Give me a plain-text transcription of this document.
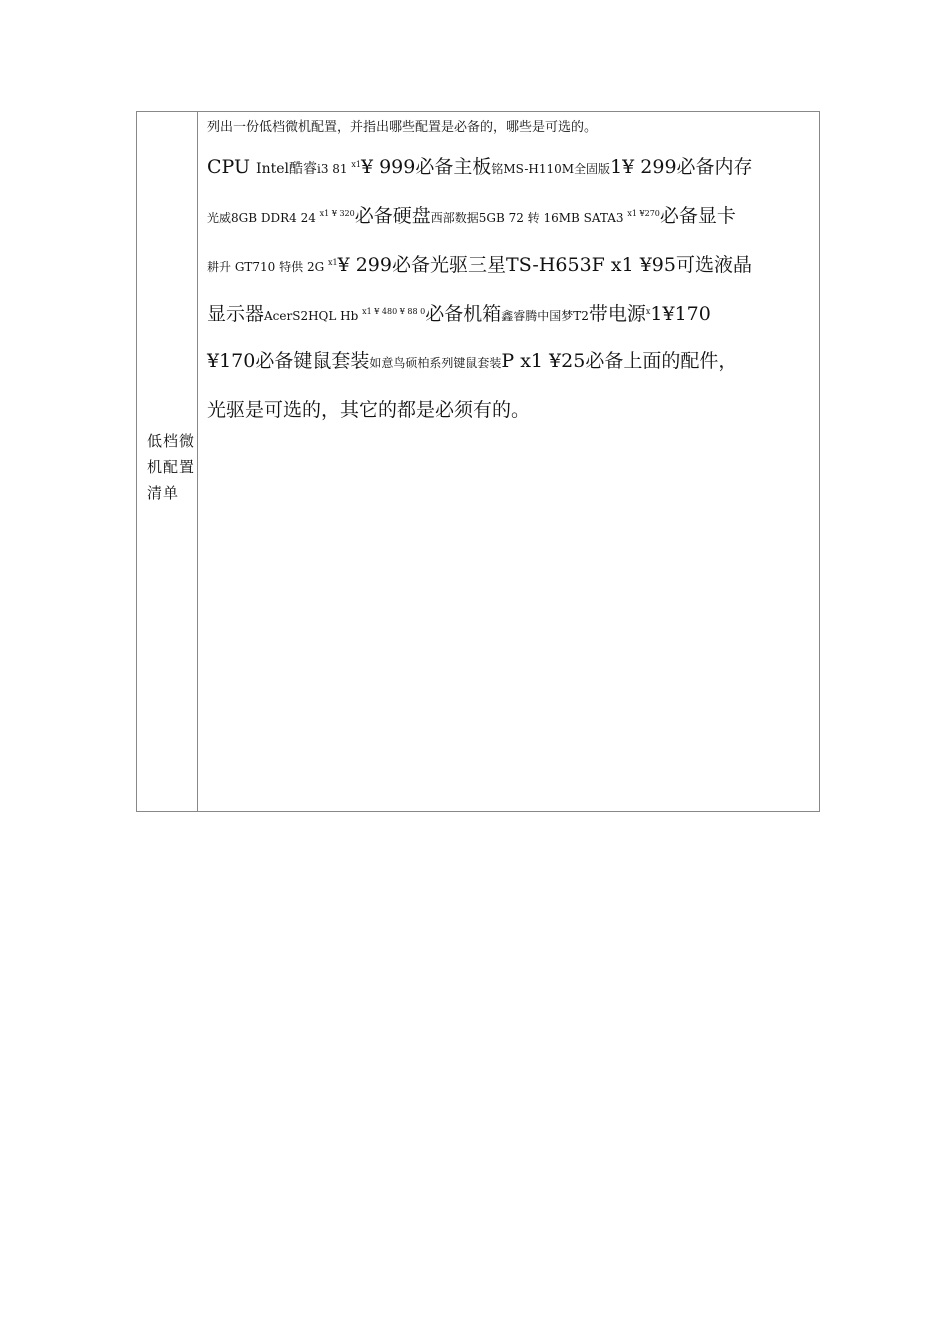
低档微
机配置
清单

列出一份低档微机配置，并指出哪些配置是必备的，哪些是可选的。

CPU Intel酷睿i3 81 $^{x1}$¥ 999必备主板铭MS-H110M全固版1¥ 299必备内存
光威8GB DDR4 24 $^{x1 ¥ 320}$必备硬盘西部数据5GB 72 转 16MB SATA3 $^{x1 ¥270}$必备显卡
耕升 GT710 特供 2G $^{x1}$¥ 299必备光驱三星TS-H653F x1 ¥95可选液晶
显示器AcerS2HQL Hb $^{x1 ¥ 480 ¥ 88 0}$必备机箱鑫睿腾中国梦T2带电源$^x$1¥170
¥170必备键鼠套装如意鸟硕柏系列键鼠套装P x1 ¥25必备上面的配件，
光驱是可选的，其它的都是必须有的。
